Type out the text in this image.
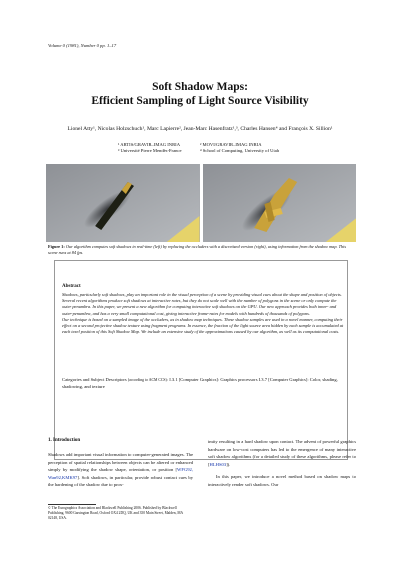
Volume 0 (1981), Number 0 pp. 1–17
Soft Shadow Maps:
Efficient Sampling of Light Source Visibility
Lionel Atty¹, Nicolas Holzschuch¹, Marc Lapierre², Jean-Marc Hasenfratz¹,³, Charles Hansen⁴ and François X. Sillion¹
¹ ARTIS/GRAVIR–IMAG INRIA
³ Université Pierre Mendès-France
² MOVI/GRAVIR–IMAG INRIA
⁴ School of Computing, University of Utah
Figure 1: Our algorithm computes soft shadows in real-time (left) by replacing the occluders with a discretized version (right), using information from the shadow map. This scene runs at 84 fps.
Abstract

Shadows, particularly soft shadows, play an important role in the visual perception of a scene by providing visual cues about the shape and position of objects. Several recent algorithms produce soft shadows at interactive rates, but they do not scale well with the number of polygons in the scene or only compute the outer penumbra. In this paper, we present a new algorithm for computing interactive soft shadows on the GPU. Our new approach provides both inner- and outer-penumbra, and has a very small computational cost, giving interactive frame-rates for models with hundreds of thousands of polygons.

Our technique is based on a sampled image of the occluders, as in shadow map techniques. These shadow samples are used in a novel manner, computing their effect on a second projective shadow texture using fragment programs. In essence, the fraction of the light source area hidden by each sample is accumulated at each texel position of this Soft Shadow Map. We include an extensive study of the approximations caused by our algorithm, as well as its computational costs.

Categories and Subject Descriptors (according to ACM CCS): I.3.1 [Computer Graphics]: Graphics processors I.3.7 [Computer Graphics]: Color, shading, shadowing, and texture
1. Introduction
Shadows add important visual information to computer-generated images. The perception of spatial relationships between objects can be altered or enhanced simply by modifying the shadow shape, orientation, or position [WFG92, Wan92,KMK97]. Soft shadows, in particular, provide robust contact cues by the hardening of the shadow due to prox-

imity resulting in a hard shadow upon contact. The advent of powerful graphics hardware on low-cost computers has led to the emergence of many interactive soft shadow algorithms (for a detailed study of these algorithms, please refer to [HLHS03]).

In this paper, we introduce a novel method based on shadow maps to interactively render soft shadows. Our

© The Eurographics Association and Blackwell Publishing 2006. Published by Blackwell Publishing, 9600 Garsington Road, Oxford OX4 2DQ, UK and 350 Main Street, Malden, MA 02148, USA.
